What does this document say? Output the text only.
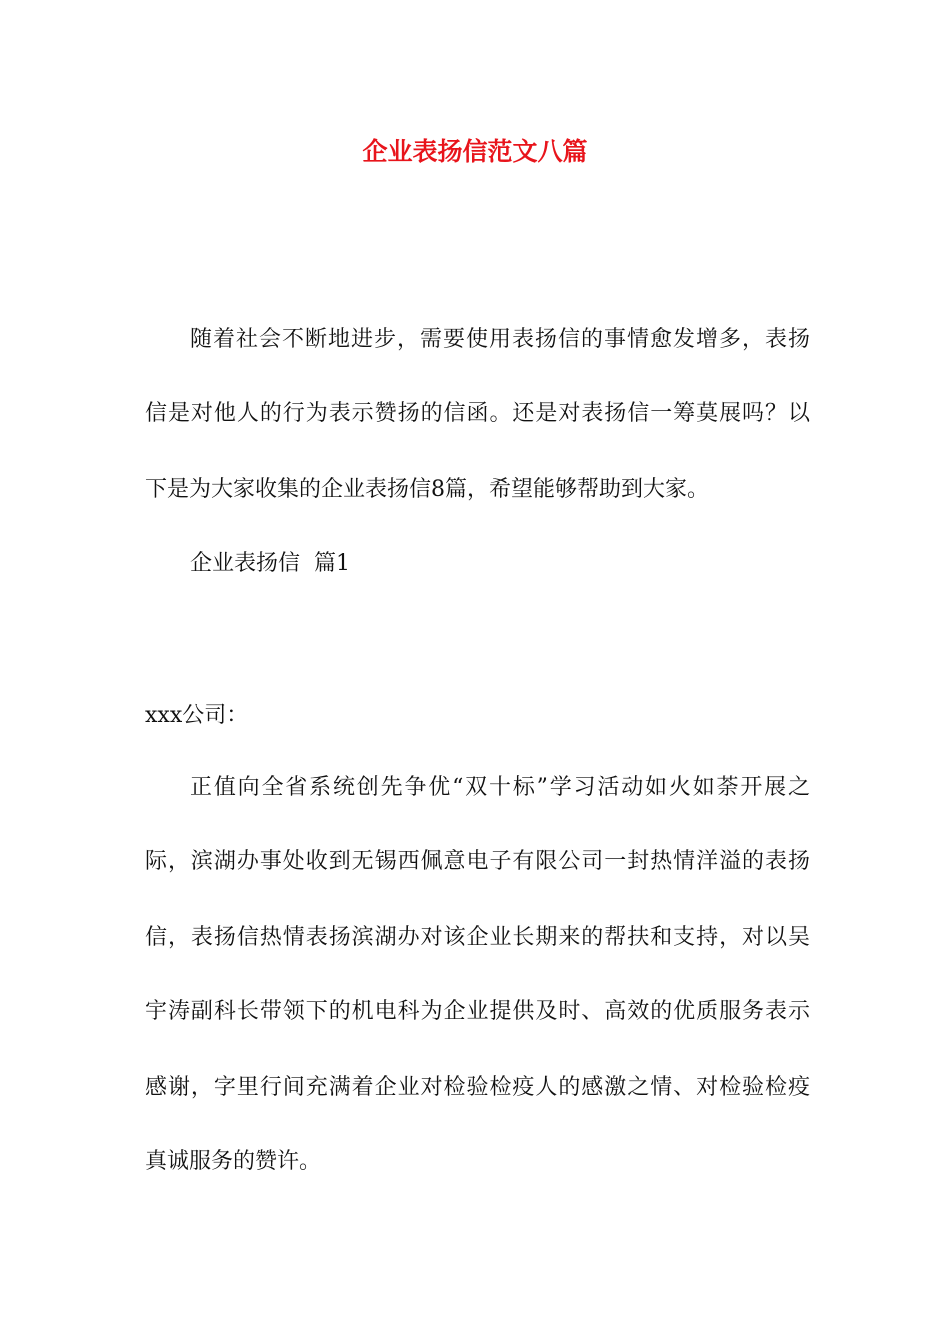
企业表扬信范文八篇

随着社会不断地进步，需要使用表扬信的事情愈发增多，表扬

信是对他人的行为表示赞扬的信函。还是对表扬信一筹莫展吗？以

下是为大家收集的企业表扬信8篇，希望能够帮助到大家。

企业表扬信  篇1

xxx公司：

正值向全省系统创先争优“双十标”学习活动如火如荼开展之

际，滨湖办事处收到无锡西佩意电子有限公司一封热情洋溢的表扬

信，表扬信热情表扬滨湖办对该企业长期来的帮扶和支持，对以吴

宇涛副科长带领下的机电科为企业提供及时、高效的优质服务表示

感谢，字里行间充满着企业对检验检疫人的感激之情、对检验检疫

真诚服务的赞许。
